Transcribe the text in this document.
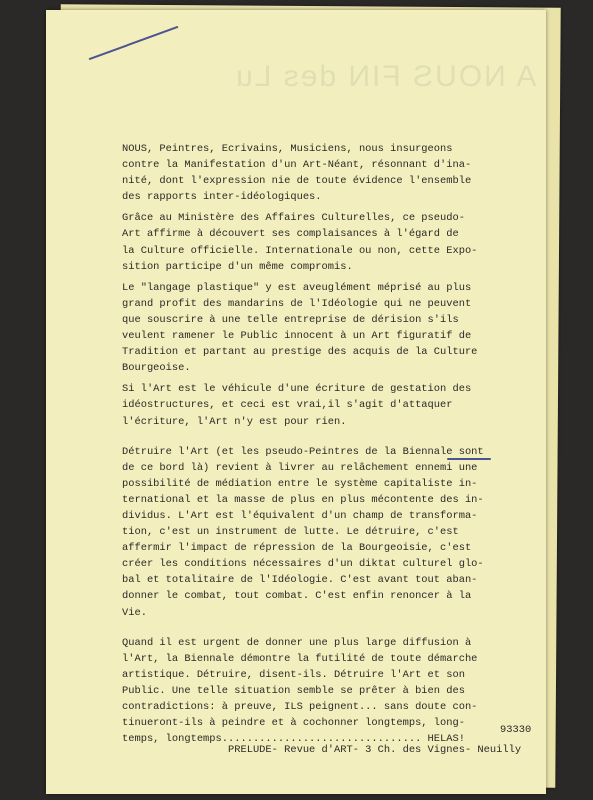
A NOUS FIN des Lu
NOUS, Peintres, Ecrivains, Musiciens, nous insurgeons
contre la Manifestation d'un Art-Néant, résonnant d'ina-
nité, dont l'expression nie de toute évidence l'ensemble
des rapports inter-idéologiques.
Grâce au Ministère des Affaires Culturelles, ce pseudo-
Art affirme à découvert ses complaisances à l'égard de
la Culture officielle. Internationale ou non, cette Expo-
sition participe d'un même compromis.
Le "langage plastique" y est aveuglément méprisé au plus
grand profit des mandarins de l'Idéologie qui ne peuvent
que souscrire à une telle entreprise de dérision s'ils
veulent ramener le Public innocent à un Art figuratif de
Tradition et partant au prestige des acquis de la Culture
Bourgeoise.
Si l'Art est le véhicule d'une écriture de gestation des
idéostructures, et ceci est vrai,il s'agit d'attaquer
l'écriture, l'Art n'y est pour rien.
Détruire l'Art (et les pseudo-Peintres de la Biennale sont
de ce bord là) revient à livrer au relâchement ennemi une
possibilité de médiation entre le système capitaliste in-
ternational et la masse de plus en plus mécontente des in-
dividus. L'Art est l'équivalent d'un champ de transforma-
tion, c'est un instrument de lutte. Le détruire, c'est
affermir l'impact de répression de la Bourgeoisie, c'est
créer les conditions nécessaires d'un diktat culturel glo-
bal et totalitaire de l'Idéologie. C'est avant tout aban-
donner le combat, tout combat. C'est enfin renoncer à la
Vie.
Quand il est urgent de donner une plus large diffusion à
l'Art, la Biennale démontre la futilité de toute démarche
artistique. Détruire, disent-ils. Détruire l'Art et son
Public. Une telle situation semble se prêter à bien des
contradictions: à preuve, ILS peignent... sans doute con-
tinueront-ils à peindre et à cochonner longtemps, long-
temps, longtemps................................ HELAS!
93330
PRELUDE- Revue d'ART- 3 Ch. des Vignes- Neuilly
